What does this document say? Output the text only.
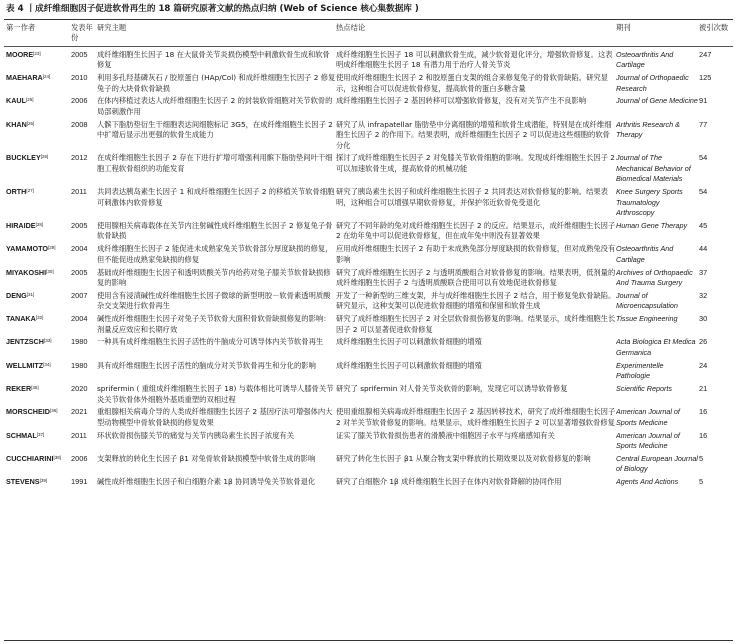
表 4 丨成纤维细胞因子促进软骨再生的 18 篇研究原著文献的热点归纳 (Web of Science 核心集数据库 )
第一作者	发表年份	研究主题	热点结论	期刊	被引次数
MOORE[23]	2005	成纤维细胞生长因子 18 在大鼠骨关节炎损伤模型中刺激软骨生成和软骨修复	成纤维细胞生长因子 18 可以刺激软骨生成，减少软骨退化评分，增强软骨修复。这表明成纤维细胞生长因子 18 有潜力用于治疗人骨关节炎	Osteoarthritis And Cartilage	247
MAEHARA[24]	2010	利用多孔羟基磷灰石 / 胶原蛋白 (HAp/Col) 和成纤维细胞生长因子 2 修复兔子的大块骨软骨缺损	使用成纤维细胞生长因子 2 和胶原蛋白支架的组合来修复兔子的骨软骨缺陷。研究显示，这种组合可以促进软骨修复，提高软骨的蛋白多糖含量	Journal of Orthopaedic Research	125
KAUL[25]	2006	在体内移植过表达人成纤维细胞生长因子 2 的封装软骨细胞对关节软骨的局部刺激作用	成纤维细胞生长因子 2 基因转移可以增强软骨修复，没有对关节产生不良影响	Journal of Gene Medicine	91
KHAN[26]	2008	人髌下脂肪垫衍生干细胞表达间细胞标记 3G5，在成纤维细胞生长因子 2 中扩增后显示出更强的软骨生成能力	研究了从 infrapatellar 脂肪垫中分离细胞的增殖和软骨生成潜能，特别是在成纤维细胞生长因子 2 的作用下。结果表明，成纤维细胞生长因子 2 可以促进这些细胞的软骨分化	Arthritis Research & Therapy	77
BUCKLEY[26]	2012	在成纤维细胞生长因子 2 存在下进行扩增可增强利用髌下脂肪垫间叶干细胞工程软骨组织的功能发育	探讨了成纤维细胞生长因子 2 对兔膝关节软骨细胞的影响。发现成纤维细胞生长因子 2 可以加速软骨生成，提高软骨的机械功能	Journal of The Mechanical Behavior of Biomedical Materials	54
ORTH[27]	2011	共同表达胰岛素生长因子 1 和成纤维细胞生长因子 2 的移植关节软骨细胞可刺激体内软骨修复	研究了胰岛素生长因子和成纤维细胞生长因子 2 共同表达对软骨修复的影响。结果表明，这种组合可以增强早期软骨修复，并保护邻近软骨免受退化	Knee Surgery Sports Traumatology Arthroscopy	54
HIRAIDE[28]	2005	使用腺相关病毒载体在关节内注射碱性成纤维细胞生长因子 2 修复兔子骨软骨缺损	研究了不同年龄的兔对成纤维细胞生长因子 2 的反应。结果显示，成纤维细胞生长因子 2 在幼年兔中可以促进软骨修复，但在成年兔中则没有显著效果	Human Gene Therapy	45
YAMAMOTO[29]	2004	成纤维细胞生长因子 2 能促进未成熟家兔关节软骨部分厚度缺损的修复，但不能促进成熟家兔缺损的修复	应用成纤维细胞生长因子 2 有助于未成熟兔部分厚度缺损的软骨修复，但对成熟兔没有影响	Osteoarthritis And Cartilage	44
MIYAKOSHI[30]	2005	基础成纤维细胞生长因子和透明质酸关节内给药对兔子膝关节软骨缺损修复的影响	研究了成纤维细胞生长因子 2 与透明质酸组合对软骨修复的影响。结果表明，低剂量的成纤维细胞生长因子 2 与透明质酸联合使用可以有效地促进软骨修复	Archives of Orthopaedic And Trauma Surgery	37
DENG[31]	2007	使用含有浸渍碱性成纤维细胞生长因子微球的新型明胶－软骨素透明质酸杂交支架进行软骨再生	开发了一种新型的三维支架，并与成纤维细胞生长因子 2 结合，用于修复兔软骨缺陷。研究显示，这种支架可以促进软骨细胞的增殖和保留和软骨生成	Journal of Microencapsulation	32
TANAKA[32]	2004	碱性成纤维细胞生长因子对兔子关节软骨大面积骨软骨缺损修复的影响：剂量反应效应和长期疗效	研究了成纤维细胞生长因子 2 对全层软骨损伤修复的影响。结果显示，成纤维细胞生长因子 2 可以显著促进软骨修复	Tissue Engineering	30
JENTZSCH[33]	1980	一种具有成纤维细胞生长因子活性的牛脑成分可诱导体内关节软骨再生	成纤维细胞生长因子可以刺激软骨细胞的增殖	Acta Biologica Et Medica Germanica	26
WELLMITZ[34]	1980	具有成纤维细胞生长因子活性的脑成分对关节软骨再生和分化的影响	成纤维细胞生长因子可以刺激软骨细胞的增殖	Experimentelle Pathologie	24
REKER[35]	2020	sprifermin ( 重组成纤维细胞生长因子 18) 与载体相比可诱导人膝骨关节炎关节软骨体外细胞外基质重塑的双相过程	研究了 sprifermin 对人骨关节炎软骨的影响，发现它可以诱导软骨修复	Scientific Reports	21
MORSCHEID[36]	2021	重组腺相关病毒介导的人类成纤维细胞生长因子 2 基因疗法可增强体内大型动物模型中骨软骨缺损的修复效果	使用重组腺相关病毒成纤维细胞生长因子 2 基因转移技术，研究了成纤维细胞生长因子 2 对羊关节软骨修复的影响。结果显示，成纤维细胞生长因子 2 可以显著增强软骨修复	American Journal of Sports Medicine	16
SCHMAL[37]	2011	环状软骨损伤膝关节的痛觉与关节内胰岛素生长因子浓度有关	证实了膝关节软骨损伤患者的滑膜液中细胞因子水平与疼痛感知有关	American Journal of Sports Medicine	16
CUCCHIARINI[38]	2006	支架释放的转化生长因子 β1 对兔骨软骨缺损模型中软骨生成的影响	研究了转化生长因子 β1 从聚合物支架中释放的长期效果以及对软骨修复的影响	Central European Journal of Biology	5
STEVENS[39]	1991	碱性成纤维细胞生长因子和白细胞介素 1β 协同诱导兔关节软骨退化	研究了白细胞介 1β 成纤维细胞生长因子在体内对软骨降解的协同作用	Agents And Actions	5
